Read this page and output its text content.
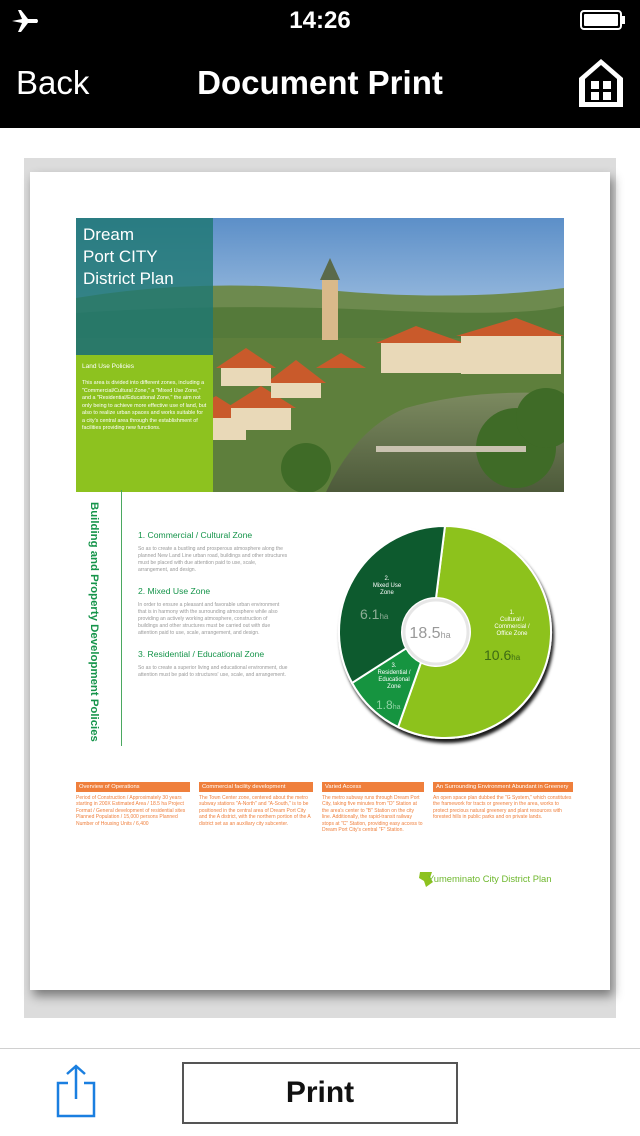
14:26
Back	Document Print
Dream
Port CITY
District Plan
Land Use Policies
This area is divided into different zones, including a "Commercial/Cultural Zone," a "Mixed Use Zone," and a "Residential/Educational Zone," the aim not only being to achieve more effective use of land, but also to realize urban spaces and works suitable for a city's central area through the establishment of facilities providing new functions.
Building and Property Development Policies	1. Commercial / Cultural Zone
So as to create a bustling and prosperous atmosphere along the planned New Land Line urban road, buildings and other structures must be placed with due attention paid to use, scale, arrangement, and design.
2. Mixed Use Zone
In order to ensure a pleasant and favorable urban environment that is in harmony with the surrounding atmosphere while also providing an actively working atmosphere, construction of buildings and other structures must be carried out with due attention paid to use, scale, arrangement, and design.
3. Residential / Educational Zone
So as to create a superior living and educational environment, due attention must be paid to structures' use, scale, and arrangement.
18.5ha
1.
Cultural /
Commercial /
Office Zone
2.
Mixed Use
Zone
3.
Residential /
Educational
Zone
10.6ha
6.1ha
1.8ha
Overview of Operations
Period of Construction / Approximately 30 years starting in 200X Estimated Area / 18.5 ha Project Format / General development of residential sites Planned Population / 15,000 persons Planned Number of Housing Units / 6,400
Commercial facility development
The Town Center zone, centered about the metro subway stations "A-North" and "A-South," is to be positioned in the central area of Dream Port City and the A district, with the northern portion of the A district set as an auxiliary city subcenter.
Varied Access
The metro subway runs through Dream Port City, taking five minutes from "D" Station at the area's center to "B" Station on the city line. Additionally, the rapid-transit railway stops at "C" Station, providing easy access to Dream Port City's central "F" Station.
An Surrounding Environment Abundant in Greenery
An open space plan dubbed the "G System," which constitutes the framework for tracts or greenery in the area, works to protect precious natural greenery and plant resources with forested hills in public parks and on private lands.
Yumeminato City District Plan
Print
